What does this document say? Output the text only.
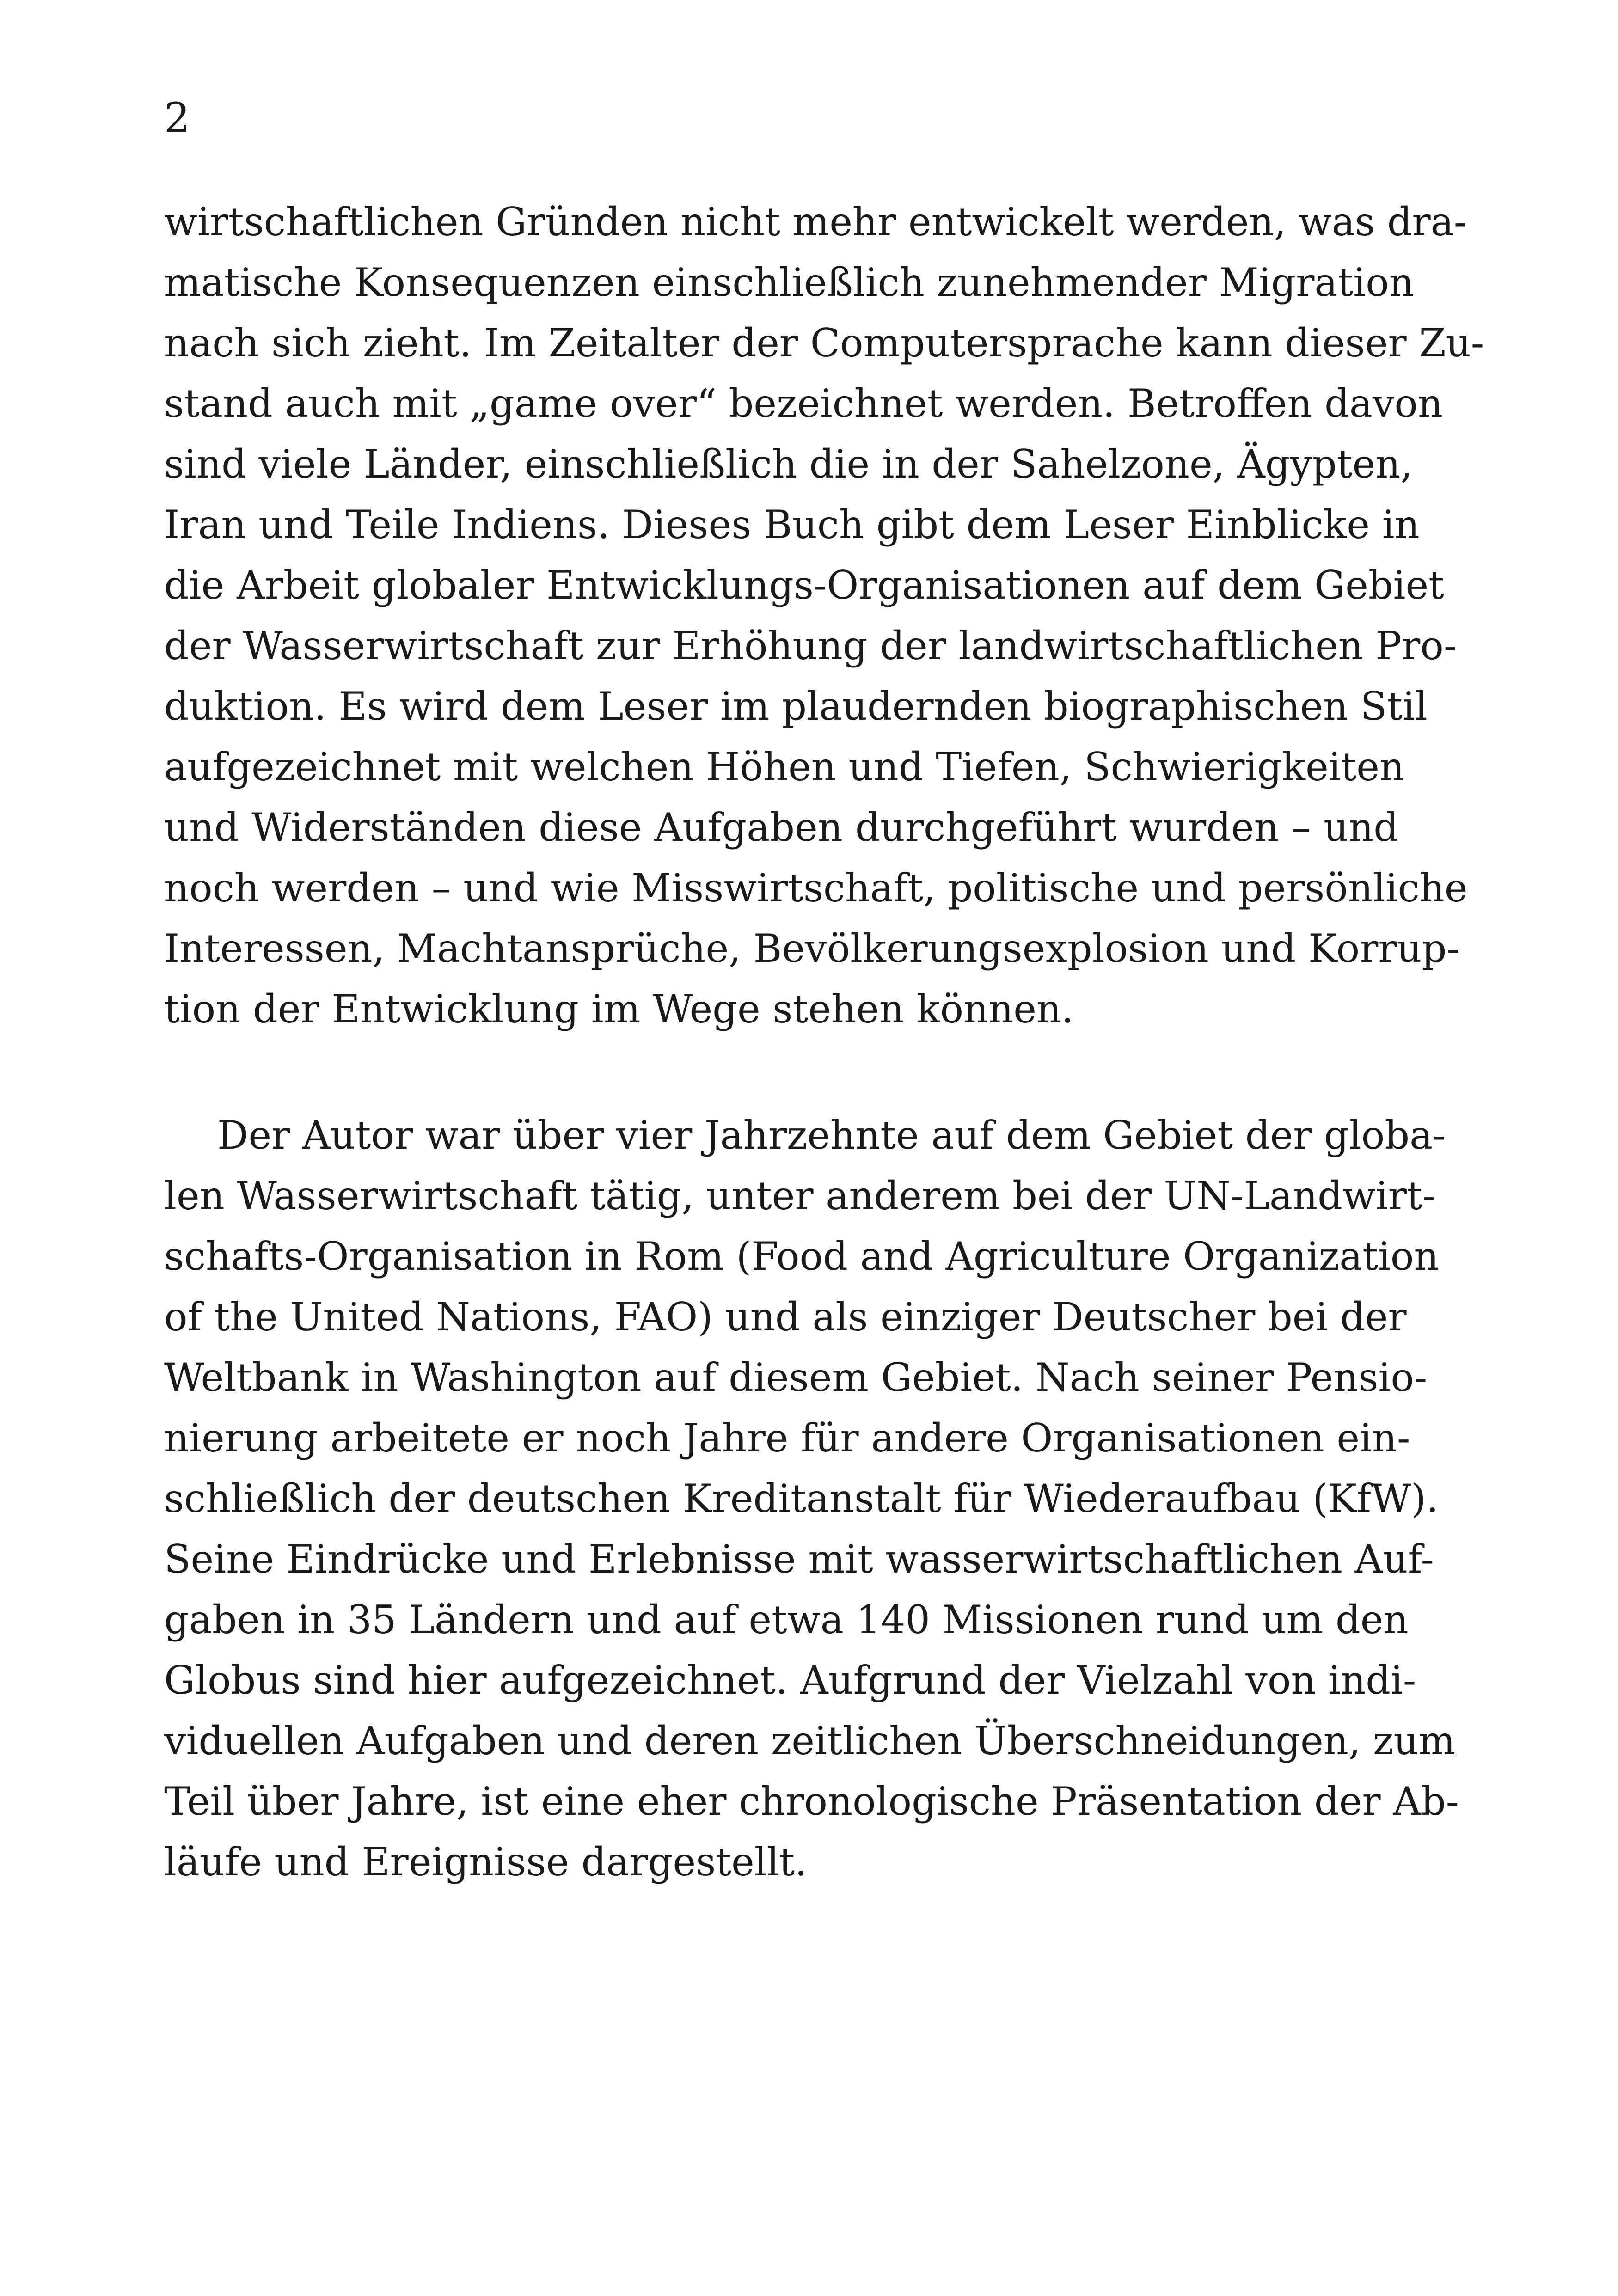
2

wirtschaftlichen Gründen nicht mehr entwickelt werden, was dra-
matische Konsequenzen einschließlich zunehmender Migration
nach sich zieht. Im Zeitalter der Computersprache kann dieser Zu-
stand auch mit „game over“ bezeichnet werden. Betroffen davon
sind viele Länder, einschließlich die in der Sahelzone, Ägypten,
Iran und Teile Indiens. Dieses Buch gibt dem Leser Einblicke in
die Arbeit globaler Entwicklungs-Organisationen auf dem Gebiet
der Wasserwirtschaft zur Erhöhung der landwirtschaftlichen Pro-
duktion. Es wird dem Leser im plaudernden biographischen Stil
aufgezeichnet mit welchen Höhen und Tiefen, Schwierigkeiten
und Widerständen diese Aufgaben durchgeführt wurden – und
noch werden – und wie Misswirtschaft, politische und persönliche
Interessen, Machtansprüche, Bevölkerungsexplosion und Korrup-
tion der Entwicklung im Wege stehen können.

Der Autor war über vier Jahrzehnte auf dem Gebiet der globa-
len Wasserwirtschaft tätig, unter anderem bei der UN-Landwirt-
schafts-Organisation in Rom (Food and Agriculture Organization
of the United Nations, FAO) und als einziger Deutscher bei der
Weltbank in Washington auf diesem Gebiet. Nach seiner Pensio-
nierung arbeitete er noch Jahre für andere Organisationen ein-
schließlich der deutschen Kreditanstalt für Wiederaufbau (KfW).
Seine Eindrücke und Erlebnisse mit wasserwirtschaftlichen Auf-
gaben in 35 Ländern und auf etwa 140 Missionen rund um den
Globus sind hier aufgezeichnet. Aufgrund der Vielzahl von indi-
viduellen Aufgaben und deren zeitlichen Überschneidungen, zum
Teil über Jahre, ist eine eher chronologische Präsentation der Ab-
läufe und Ereignisse dargestellt.
